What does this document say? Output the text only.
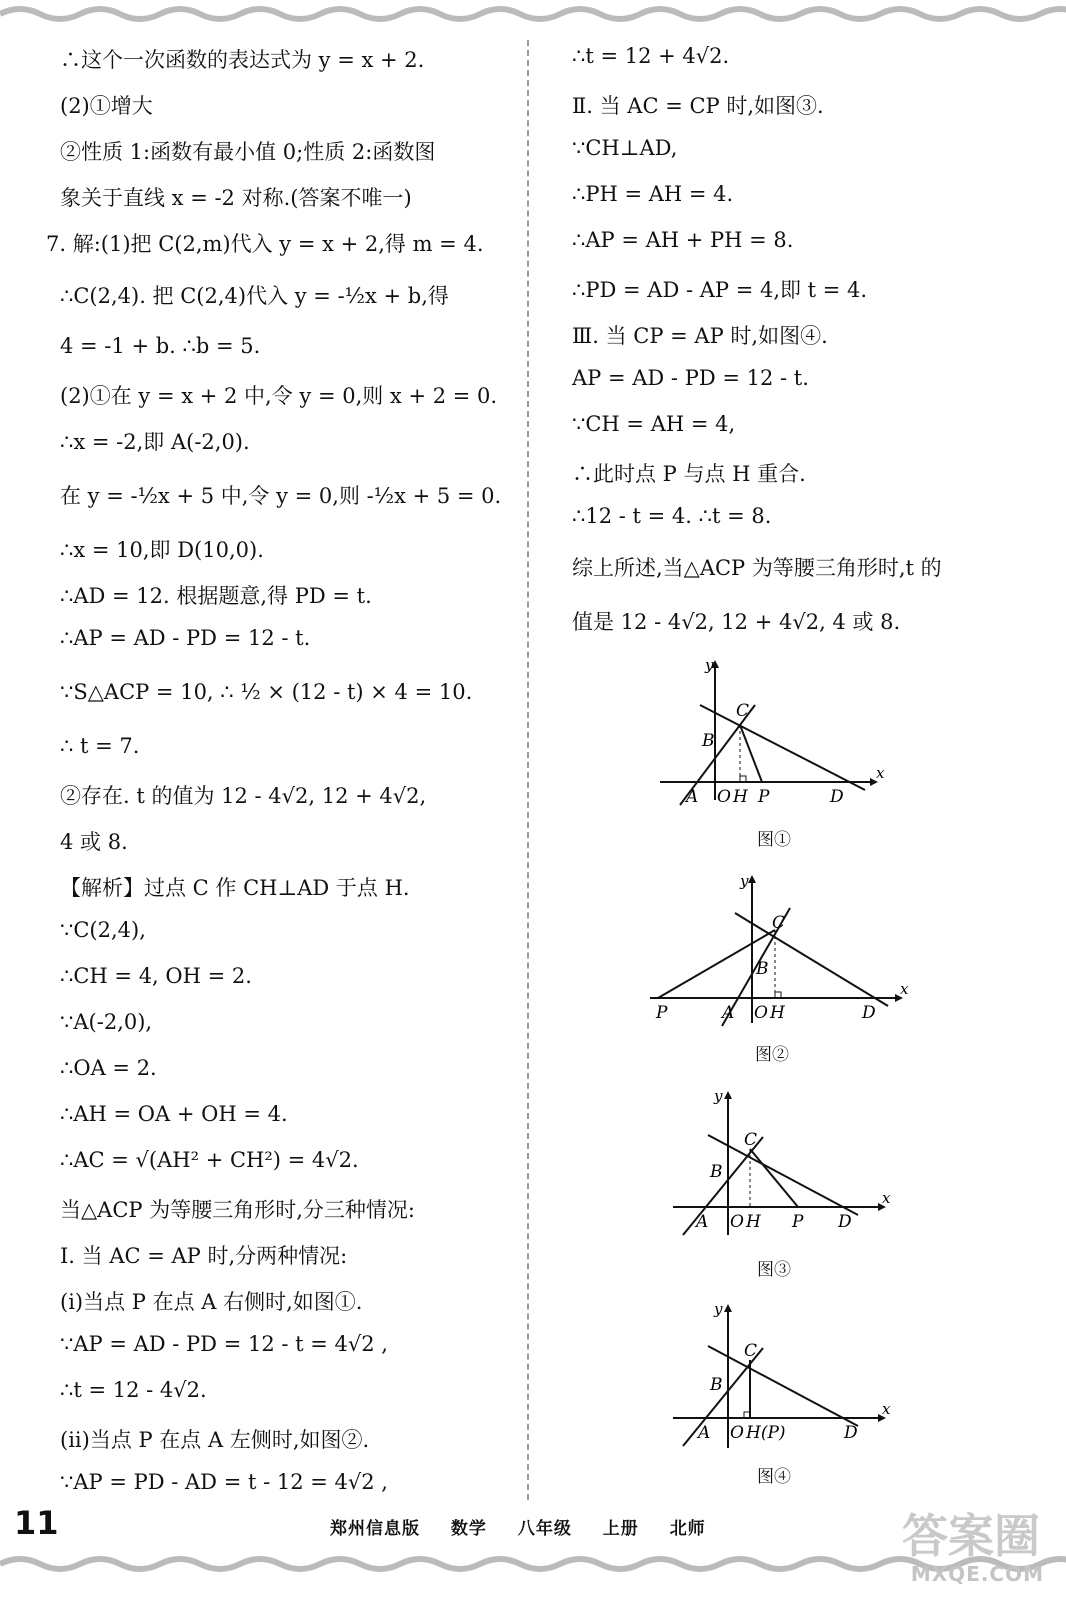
∴这个一次函数的表达式为 y = x + 2.
(2)①增大
②性质 1:函数有最小值 0;性质 2:函数图
象关于直线 x = -2 对称.(答案不唯一)
7. 解:(1)把 C(2,m)代入 y = x + 2,得 m = 4.
∴C(2,4). 把 C(2,4)代入 y = -½x + b,得
4 = -1 + b. ∴b = 5.
(2)①在 y = x + 2 中,令 y = 0,则 x + 2 = 0.
∴x = -2,即 A(-2,0).
在 y = -½x + 5 中,令 y = 0,则 -½x + 5 = 0.
∴x = 10,即 D(10,0).
∴AD = 12. 根据题意,得 PD = t.
∴AP = AD - PD = 12 - t.
∵S△ACP = 10, ∴ ½ × (12 - t) × 4 = 10.
∴ t = 7.
②存在. t 的值为 12 - 4√2, 12 + 4√2,
4 或 8.
【解析】过点 C 作 CH⊥AD 于点 H.
∵C(2,4),
∴CH = 4, OH = 2.
∵A(-2,0),
∴OA = 2.
∴AH = OA + OH = 4.
∴AC = √(AH² + CH²) = 4√2.
当△ACP 为等腰三角形时,分三种情况:
Ⅰ. 当 AC = AP 时,分两种情况:
(i)当点 P 在点 A 右侧时,如图①.
∵AP = AD - PD = 12 - t = 4√2 ,
∴t = 12 - 4√2.
(ii)当点 P 在点 A 左侧时,如图②.
∵AP = PD - AD = t - 12 = 4√2 ,
∴t = 12 + 4√2.
Ⅱ. 当 AC = CP 时,如图③.
∵CH⊥AD,
∴PH = AH = 4.
∴AP = AH + PH = 8.
∴PD = AD - AP = 4,即 t = 4.
Ⅲ. 当 CP = AP 时,如图④.
AP = AD - PD = 12 - t.
∵CH = AH = 4,
∴此时点 P 与点 H 重合.
∴12 - t = 4. ∴t = 8.
综上所述,当△ACP 为等腰三角形时,t 的
值是 12 - 4√2, 12 + 4√2, 4 或 8.
y
x
C
B
A O H P	D
图①
y
x
C
B
A O H
P	D
图②
y
x
C
B
A O H P D
图③
y
x
C
B
A O H(P)	D
图④
11	郑州信息版 数学 八年级 上册 北师	答案圈
MXQE.COM
